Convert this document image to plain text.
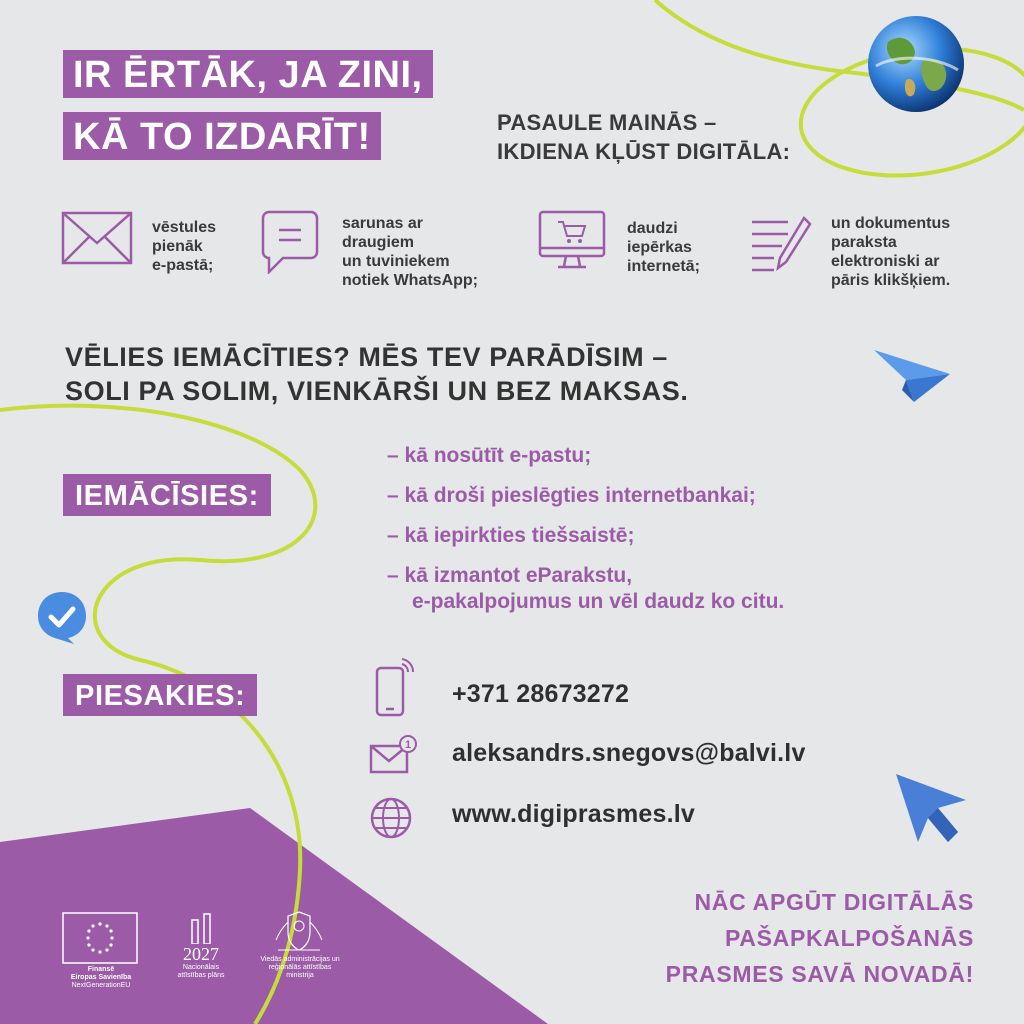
IR ĒRTĀK, JA ZINI,
KĀ TO IZDARĪT!	PASAULE MAINĀS –
IKDIENA KĻŪST DIGITĀLA:
vēstules
pienāk
e-pastā;
sarunas ar
draugiem
un tuviniekem
notiek WhatsApp;
daudzi
iepērkas
internetā;
un dokumentus
paraksta
elektroniski ar
pāris klikšķiem.
VĒLIES IEMĀCĪTIES? MĒS TEV PARĀDĪSIM –
SOLI PA SOLIM, VIENKĀRŠI UN BEZ MAKSAS.
IEMĀCĪSIES:
– kā nosūtīt e-pastu;
– kā droši pieslēgties internetbankai;
– kā iepirkties tiešsaistē;
– kā izmantot eParakstu,
e-pakalpojumus un vēl daudz ko citu.
PIESAKIES:	+371 28673272
1 aleksandrs.snegovs@balvi.lv
www.digiprasmes.lv
NĀC APGŪT DIGITĀLĀS
PAŠAPKALPOŠANĀS
PRASMES SAVĀ NOVADĀ!
Finansē
Eiropas Savienība
NextGenerationEU
2027
Nacionālais
attīstības plāns
Viedās administrācijas un
reģionālās attīstības
ministrija
